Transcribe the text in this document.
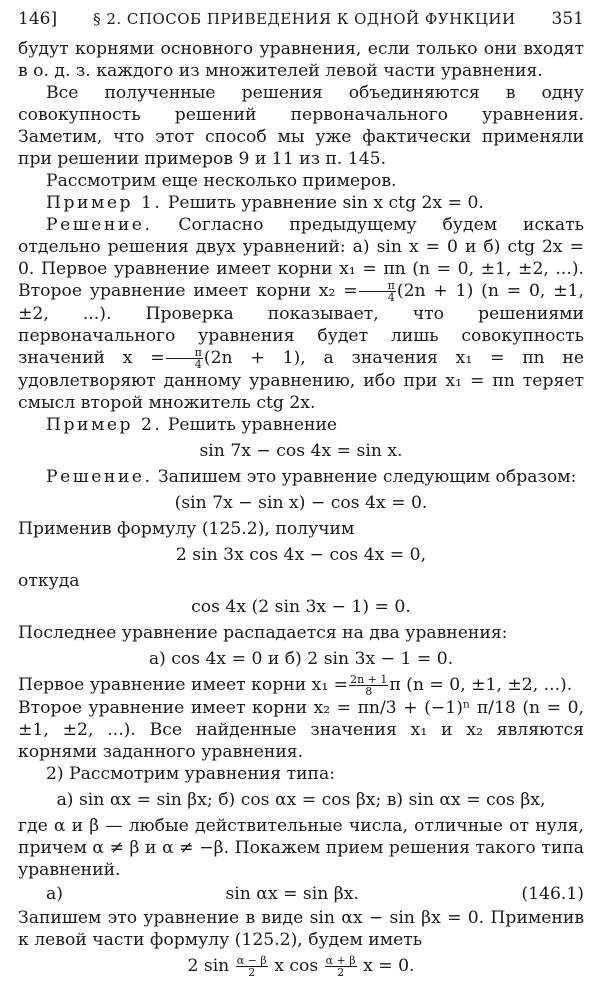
146] § 2. СПОСОБ ПРИВЕДЕНИЯ К ОДНОЙ ФУНКЦИИ 351

будут корнями основного уравнения, если только они входят в о. д. з. каждого из множителей левой части уравнения.

Все полученные решения объединяются в одну совокупность решений первоначального уравнения. Заметим, что этот способ мы уже фактически применяли при решении примеров 9 и 11 из п. 145.

Рассмотрим еще несколько примеров.

Пример 1. Решить уравнение sin x ctg 2x = 0.

Решение. Согласно предыдущему будем искать отдельно решения двух уравнений: а) sin x = 0 и б) ctg 2x = 0. Первое уравнение имеет корни x₁ = πn (n = 0, ±1, ±2, ...). Второе уравнение имеет корни $x_2 = \frac{\pi}{4} (2n + 1) (n = 0$, ±1, ±2, ...). Проверка показывает, что решениями первоначального уравнения будет лишь совокупность значений $x = \frac{\pi}{4} (2n + 1)$, а значения x₁ = πn не удовлетворяют данному уравнению, ибо при x₁ = πn теряет смысл второй множитель ctg 2x.

Пример 2. Решить уравнение

sin 7x − cos 4x = sin x.

Решение. Запишем это уравнение следующим образом:

(sin 7x − sin x) − cos 4x = 0.

Применив формулу (125.2), получим

2 sin 3x cos 4x − cos 4x = 0,

откуда

cos 4x (2 sin 3x − 1) = 0.

Последнее уравнение распадается на два уравнения:

а) cos 4x = 0 и б) 2 sin 3x − 1 = 0.

Первое уравнение имеет корни $x_1 = \frac{2n + 1}{8}$ π (n = 0, ±1, ±2, ...).

Второе уравнение имеет корни x₂ = πn/3 + (−1)ⁿ π/18 (n = 0, ±1, ±2, ...). Все найденные значения x₁ и x₂ являются корнями заданного уравнения.

2) Рассмотрим уравнения типа:

а) sin αx = sin βx; б) cos αx = cos βx; в) sin αx = cos βx,

где α и β — любые действительные числа, отличные от нуля, причем α ≠ β и α ≠ −β. Покажем прием решения такого типа уравнений.

а)	sin αx = sin βx.	(146.1)

Запишем это уравнение в виде sin αx − sin βx = 0. Применив к левой части формулу (125.2), будем иметь

2 $\sin \frac{\alpha - \beta}{2}$ x $\cos \frac{\alpha + \beta}{2}$ x = 0.
